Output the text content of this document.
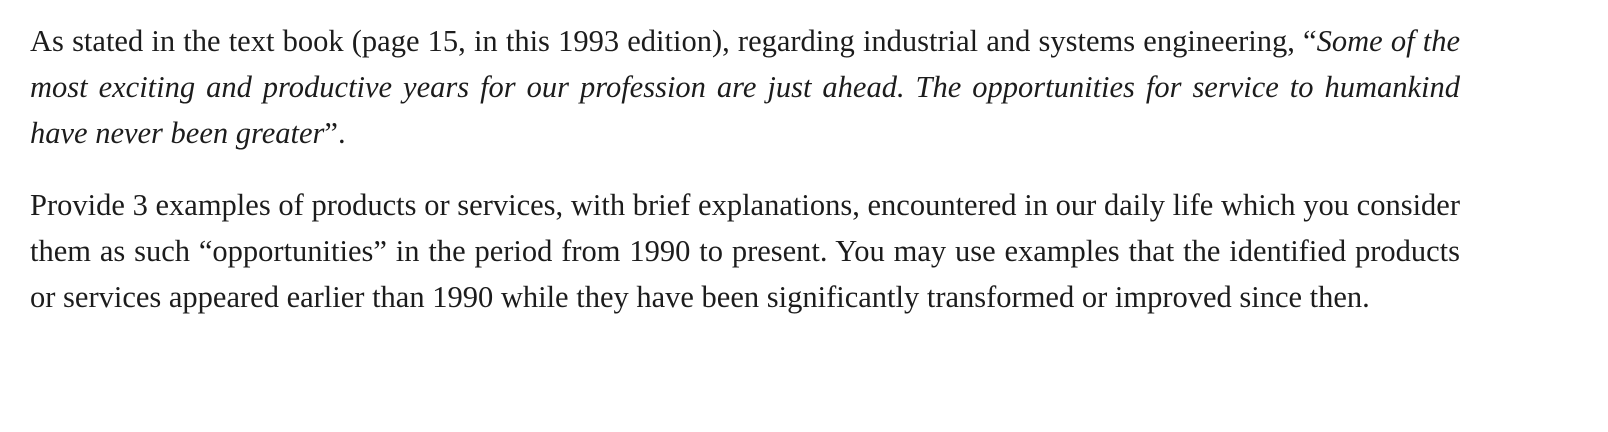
As stated in the text book (page 15, in this 1993 edition), regarding industrial and systems engineering, “Some of the most exciting and productive years for our profession are just ahead. The opportunities for service to humankind have never been greater”.

Provide 3 examples of products or services, with brief explanations, encountered in our daily life which you consider them as such “opportunities” in the period from 1990 to present. You may use examples that the identified products or services appeared earlier than 1990 while they have been significantly transformed or improved since then.
